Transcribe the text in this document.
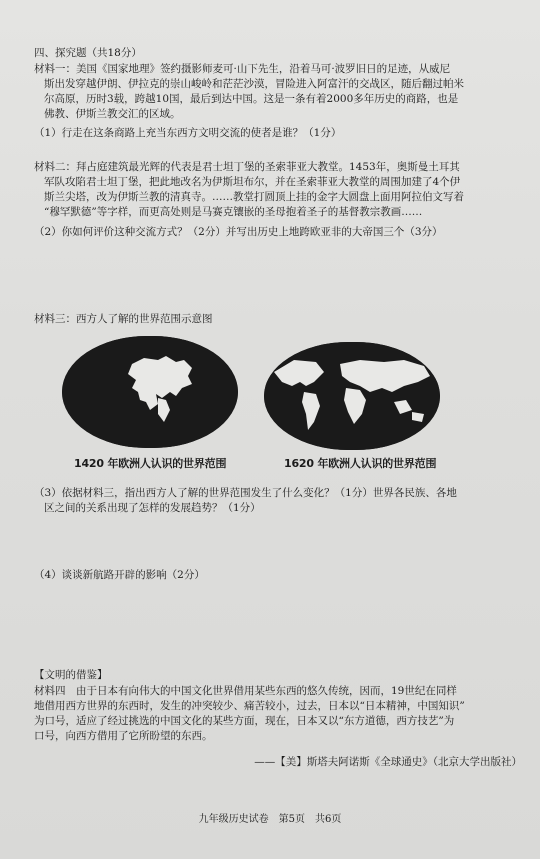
四、探究题（共18分）

材料一：美国《国家地理》签约摄影师麦可·山下先生，沿着马可·波罗旧日的足迹，从威尼

斯出发穿越伊朗、伊拉克的崇山峻岭和茫茫沙漠，冒险进入阿富汗的交战区，随后翻过帕米

尔高原，历时3载，跨越10国，最后到达中国。这是一条有着2000多年历史的商路，也是

佛教、伊斯兰教交汇的区域。

（1）行走在这条商路上充当东西方文明交流的使者是谁？（1分）

材料二：拜占庭建筑最光辉的代表是君士坦丁堡的圣索菲亚大教堂。1453年，奥斯曼土耳其

军队攻陷君士坦丁堡，把此地改名为伊斯坦布尔，并在圣索菲亚大教堂的周围加建了4个伊

斯兰尖塔，改为伊斯兰教的清真寺。……教堂打圆顶上挂的金字大圆盘上面用阿拉伯文写着

“穆罕默德”等字样，而更高处则是马赛克镶嵌的圣母抱着圣子的基督教宗教画……

（2）你如何评价这种交流方式？（2分）并写出历史上地跨欧亚非的大帝国三个（3分）
材料三：西方人了解的世界范围示意图
1420 年欧洲人认识的世界范围	1620 年欧洲人认识的世界范围

（3）依据材料三，指出西方人了解的世界范围发生了什么变化？（1分）世界各民族、各地

区之间的关系出现了怎样的发展趋势？（1分）

（4）谈谈新航路开辟的影响（2分）
【文明的借鉴】

材料四　由于日本有向伟大的中国文化世界借用某些东西的悠久传统，因而，19世纪在同样

地借用西方世界的东西时，发生的冲突较少、痛苦较小，过去，日本以“日本精神，中国知识”

为口号，适应了经过挑选的中国文化的某些方面，现在，日本又以“东方道德，西方技艺”为

口号，向西方借用了它所盼望的东西。

——【美】斯塔夫阿诺斯《全球通史》（北京大学出版社）
九年级历史试卷　第5页　共6页
